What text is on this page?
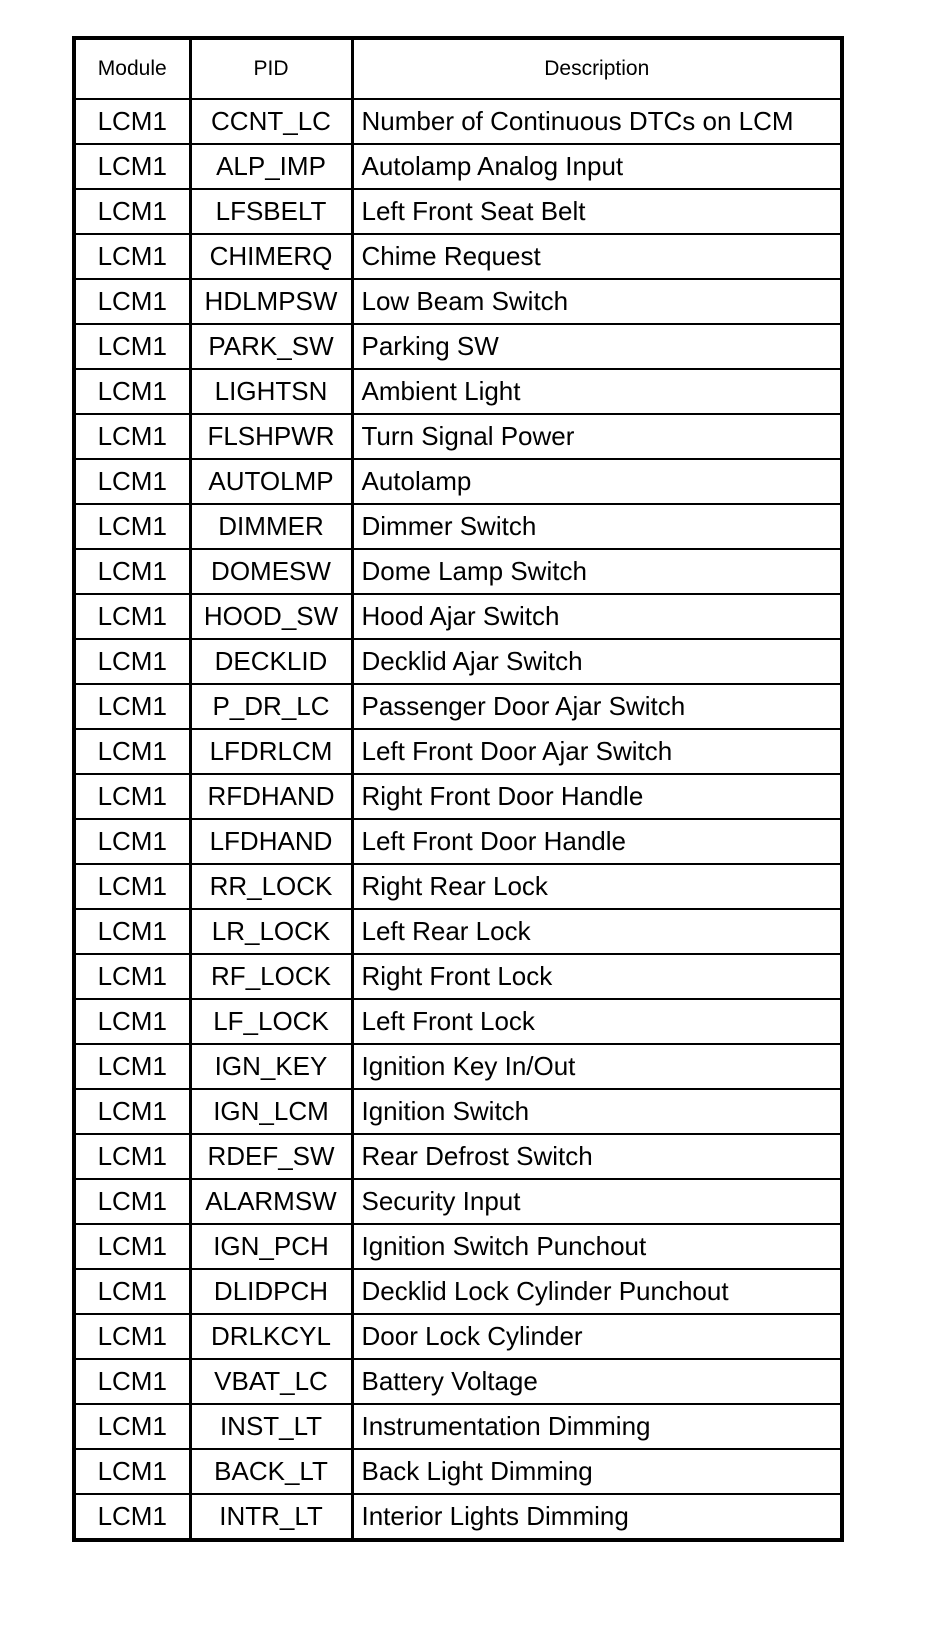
Module	PID	Description
LCM1	CCNT_LC	Number of Continuous DTCs on LCM
LCM1	ALP_IMP	Autolamp Analog Input
LCM1	LFSBELT	Left Front Seat Belt
LCM1	CHIMERQ	Chime Request
LCM1	HDLMPSW	Low Beam Switch
LCM1	PARK_SW	Parking SW
LCM1	LIGHTSN	Ambient Light
LCM1	FLSHPWR	Turn Signal Power
LCM1	AUTOLMP	Autolamp
LCM1	DIMMER	Dimmer Switch
LCM1	DOMESW	Dome Lamp Switch
LCM1	HOOD_SW	Hood Ajar Switch
LCM1	DECKLID	Decklid Ajar Switch
LCM1	P_DR_LC	Passenger Door Ajar Switch
LCM1	LFDRLCM	Left Front Door Ajar Switch
LCM1	RFDHAND	Right Front Door Handle
LCM1	LFDHAND	Left Front Door Handle
LCM1	RR_LOCK	Right Rear Lock
LCM1	LR_LOCK	Left Rear Lock
LCM1	RF_LOCK	Right Front Lock
LCM1	LF_LOCK	Left Front Lock
LCM1	IGN_KEY	Ignition Key In/Out
LCM1	IGN_LCM	Ignition Switch
LCM1	RDEF_SW	Rear Defrost Switch
LCM1	ALARMSW	Security Input
LCM1	IGN_PCH	Ignition Switch Punchout
LCM1	DLIDPCH	Decklid Lock Cylinder Punchout
LCM1	DRLKCYL	Door Lock Cylinder
LCM1	VBAT_LC	Battery Voltage
LCM1	INST_LT	Instrumentation Dimming
LCM1	BACK_LT	Back Light Dimming
LCM1	INTR_LT	Interior Lights Dimming
